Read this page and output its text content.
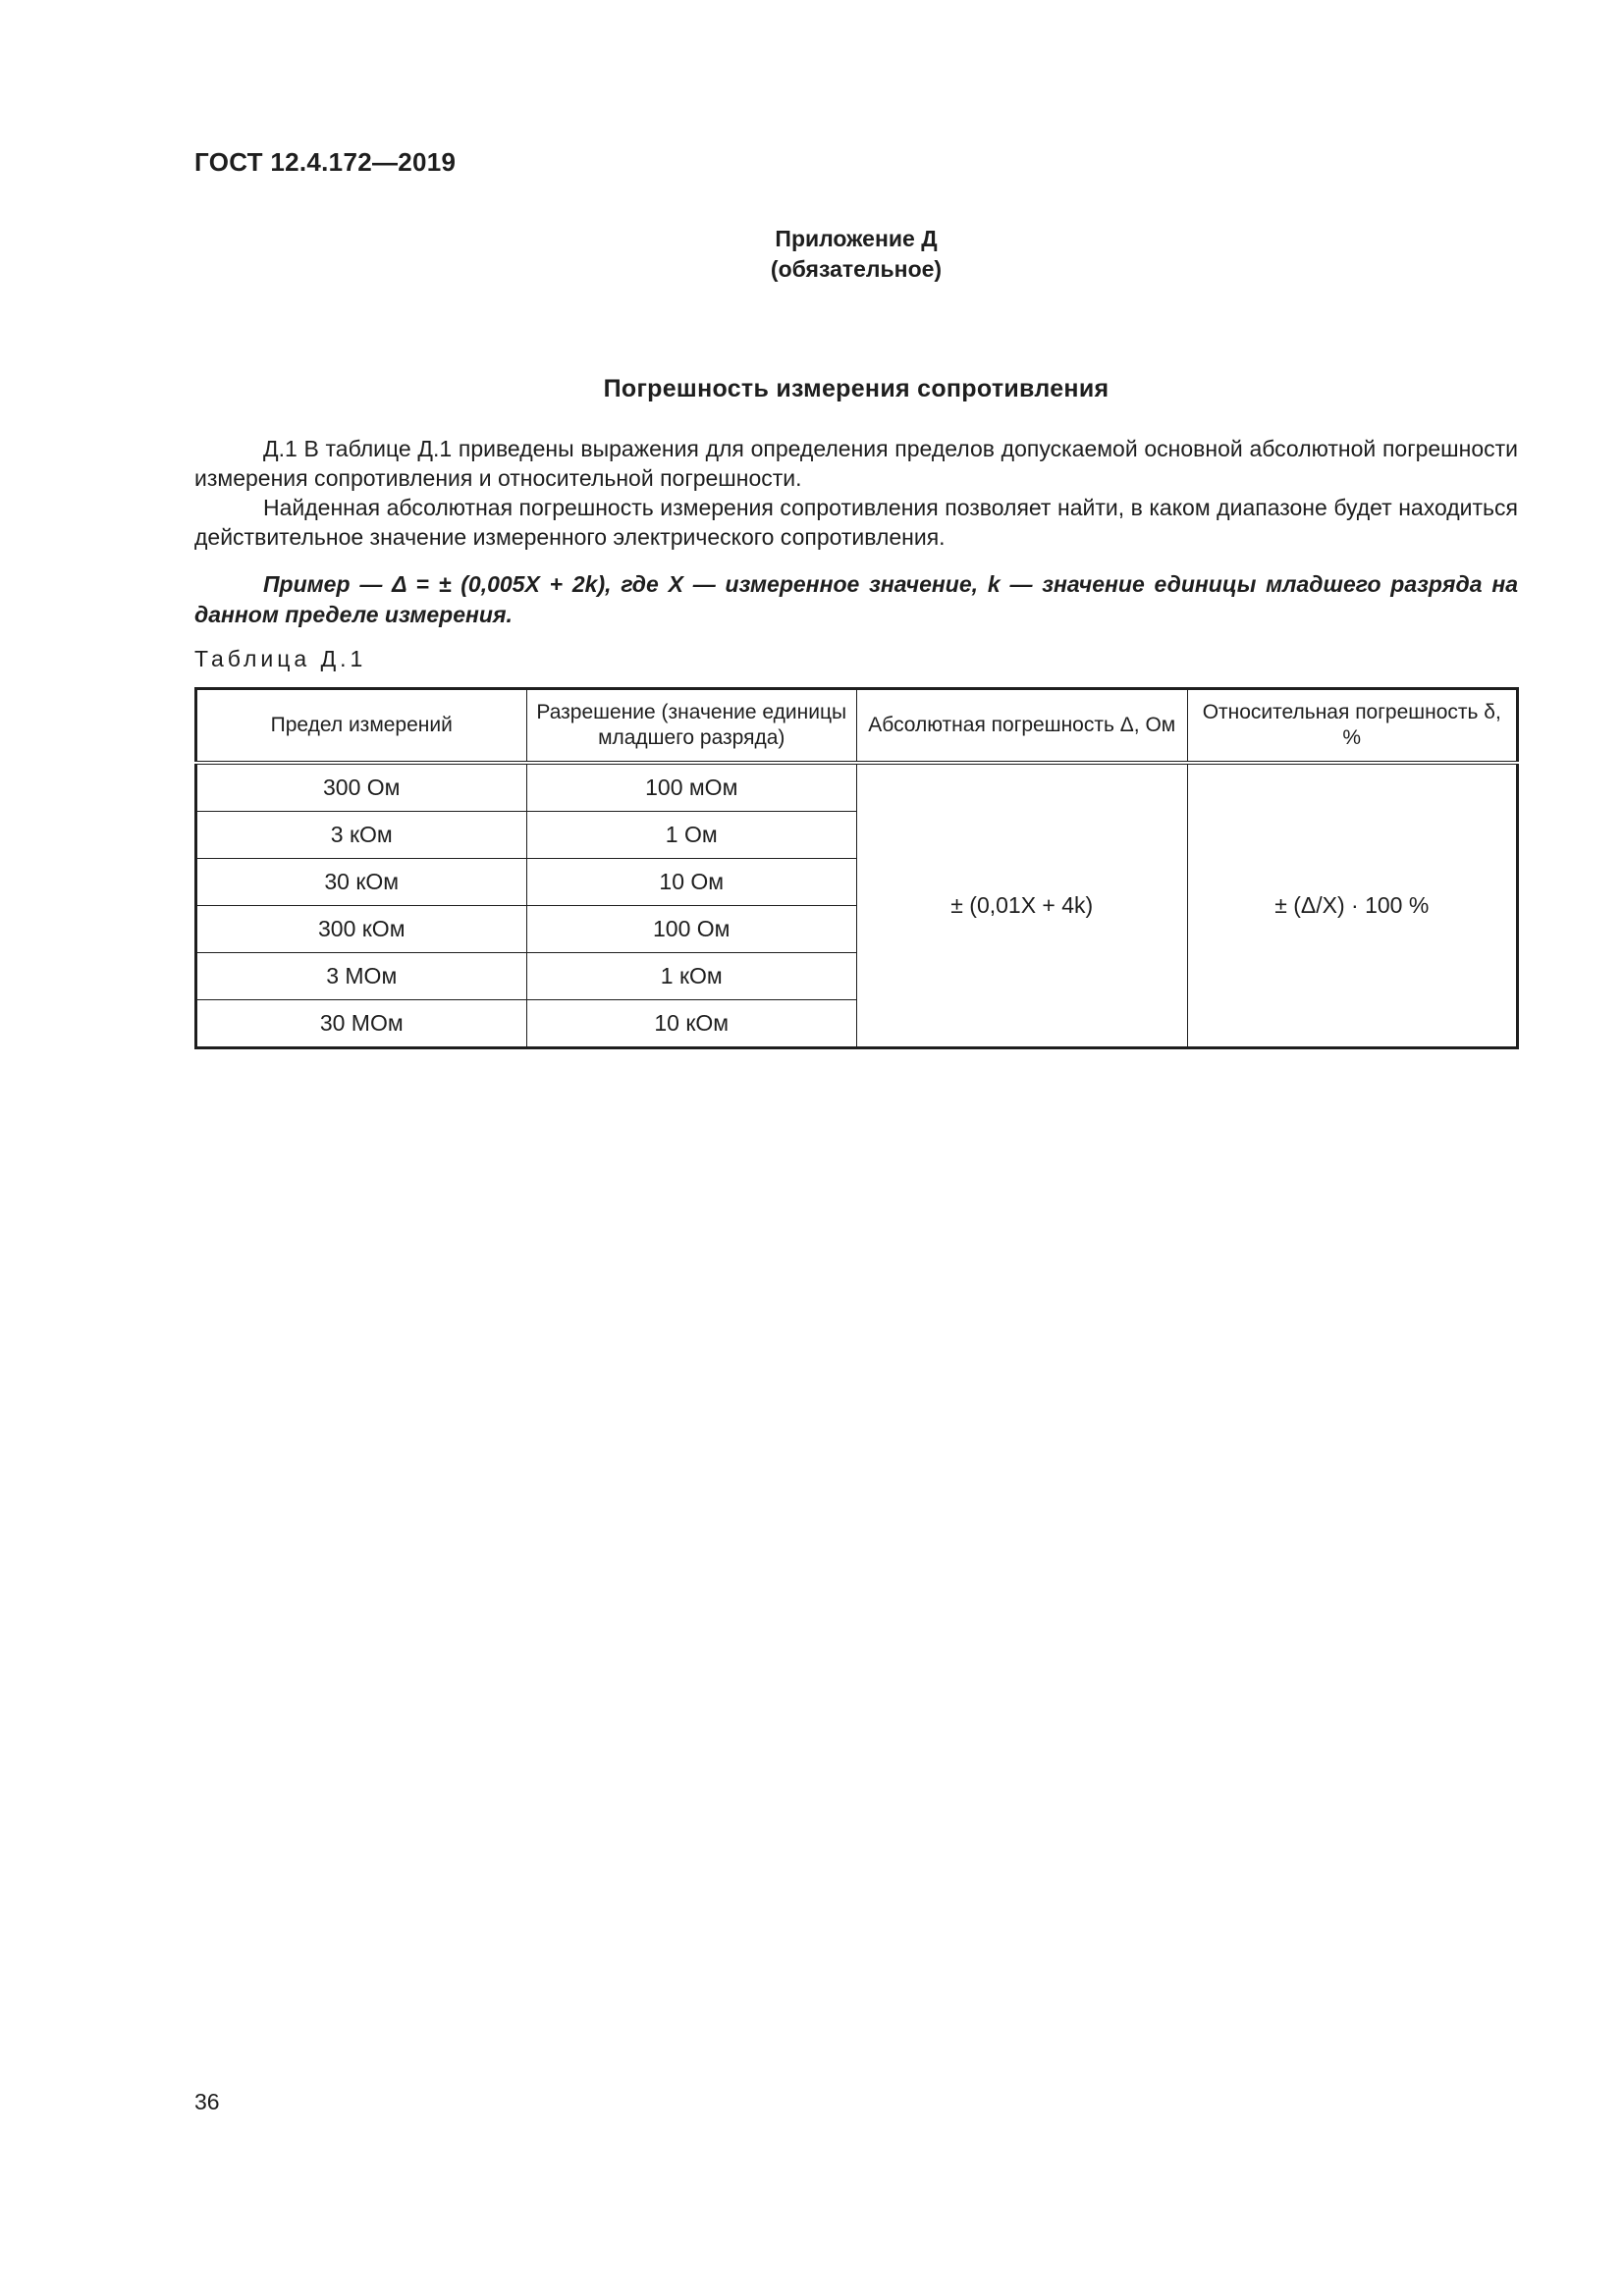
ГОСТ 12.4.172—2019
Приложение Д
(обязательное)
Погрешность измерения сопротивления

Д.1 В таблице Д.1 приведены выражения для определения пределов допускаемой основной абсолютной погрешности измерения сопротивления и относительной погрешности.

Найденная абсолютная погрешность измерения сопротивления позволяет найти, в каком диапазоне будет находиться действительное значение измеренного электрического сопротивления.

Пример — Δ = ± (0,005X + 2k), где X — измеренное значение, k — значение единицы младшего разряда на данном пределе измерения.
Таблица Д.1
Предел измерений	Разрешение (значение единицы младшего разряда)	Абсолютная погрешность Δ, Ом	Относительная погрешность δ, %
300 Ом	100 мОм	± (0,01X + 4k)	± (Δ/X) · 100 %
3 кОм	1 Ом		
30 кОм	10 Ом		
300 кОм	100 Ом		
3 МОм	1 кОм		
30 МОм	10 кОм		
36
